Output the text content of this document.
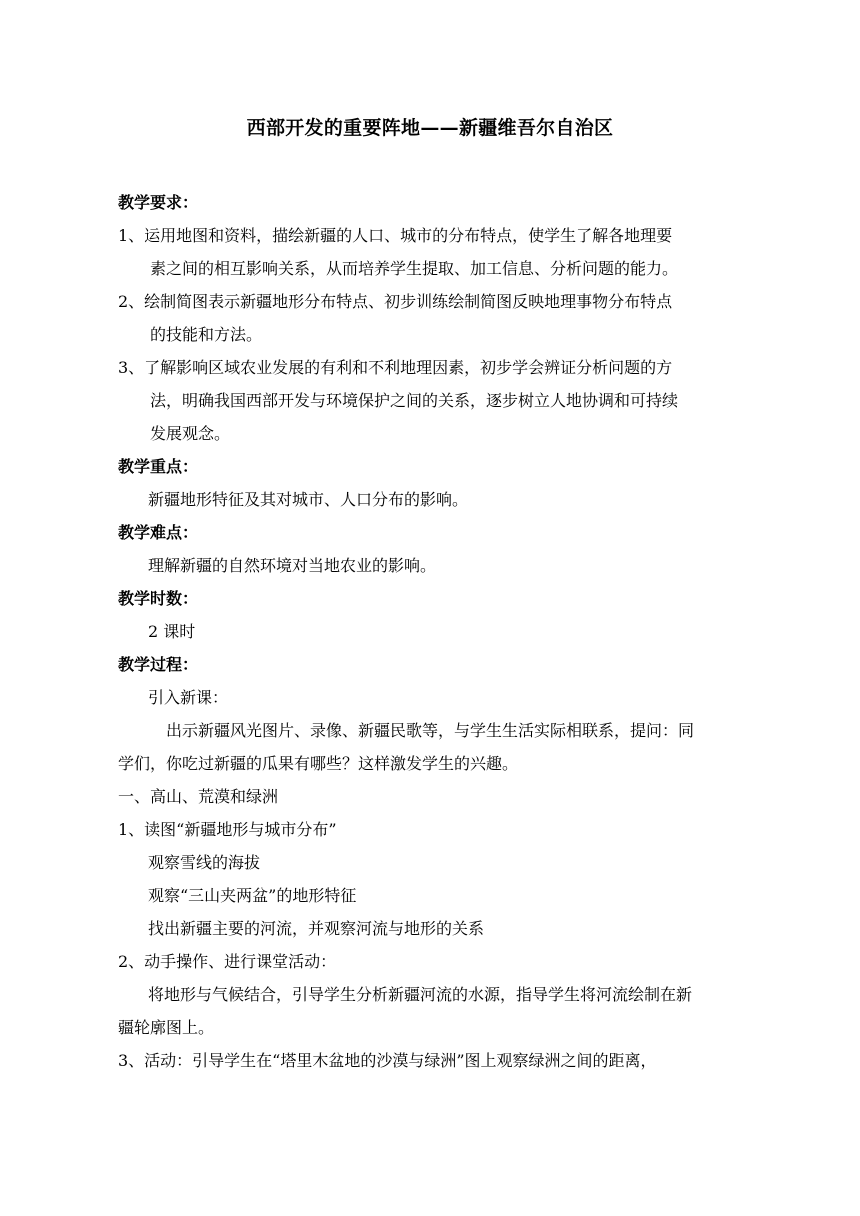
西部开发的重要阵地——新疆维吾尔自治区
教学要求：
1、运用地图和资料，描绘新疆的人口、城市的分布特点，使学生了解各地理要
素之间的相互影响关系，从而培养学生提取、加工信息、分析问题的能力。
2、绘制简图表示新疆地形分布特点、初步训练绘制简图反映地理事物分布特点
的技能和方法。
3、了解影响区域农业发展的有利和不利地理因素，初步学会辨证分析问题的方
法，明确我国西部开发与环境保护之间的关系，逐步树立人地协调和可持续
发展观念。
教学重点：
新疆地形特征及其对城市、人口分布的影响。
教学难点：
理解新疆的自然环境对当地农业的影响。
教学时数：
2 课时
教学过程：
引入新课：
出示新疆风光图片、录像、新疆民歌等，与学生生活实际相联系，提问：同
学们，你吃过新疆的瓜果有哪些？这样激发学生的兴趣。
一、高山、荒漠和绿洲
1、读图“新疆地形与城市分布”
观察雪线的海拔
观察“三山夹两盆”的地形特征
找出新疆主要的河流，并观察河流与地形的关系
2、动手操作、进行课堂活动：
将地形与气候结合，引导学生分析新疆河流的水源，指导学生将河流绘制在新
疆轮廓图上。
3、活动：引导学生在“塔里木盆地的沙漠与绿洲”图上观察绿洲之间的距离，
